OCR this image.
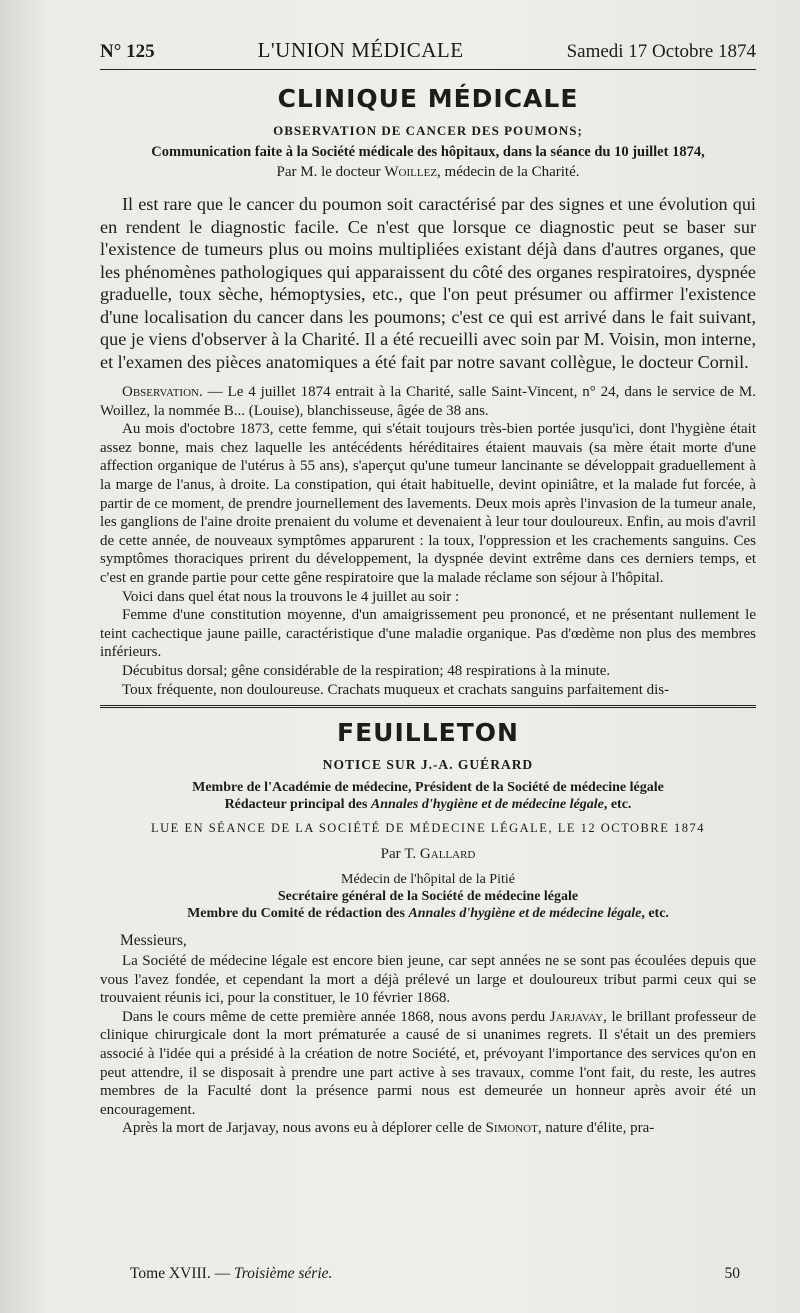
N° 125	L'UNION MÉDICALE	Samedi 17 Octobre 1874
CLINIQUE MÉDICALE
OBSERVATION DE CANCER DES POUMONS;
Communication faite à la Société médicale des hôpitaux, dans la séance du 10 juillet 1874,
Par M. le docteur Woillez, médecin de la Charité.

Il est rare que le cancer du poumon soit caractérisé par des signes et une évolution qui en rendent le diagnostic facile. Ce n'est que lorsque ce diagnostic peut se baser sur l'existence de tumeurs plus ou moins multipliées existant déjà dans d'autres organes, que les phénomènes pathologiques qui apparaissent du côté des organes respiratoires, dyspnée graduelle, toux sèche, hémoptysies, etc., que l'on peut présumer ou affirmer l'existence d'une localisation du cancer dans les poumons; c'est ce qui est arrivé dans le fait suivant, que je viens d'observer à la Charité. Il a été recueilli avec soin par M. Voisin, mon interne, et l'examen des pièces anatomiques a été fait par notre savant collègue, le docteur Cornil.

Observation. — Le 4 juillet 1874 entrait à la Charité, salle Saint-Vincent, n° 24, dans le service de M. Woillez, la nommée B... (Louise), blanchisseuse, âgée de 38 ans.

Au mois d'octobre 1873, cette femme, qui s'était toujours très-bien portée jusqu'ici, dont l'hygiène était assez bonne, mais chez laquelle les antécédents héréditaires étaient mauvais (sa mère était morte d'une affection organique de l'utérus à 55 ans), s'aperçut qu'une tumeur lancinante se développait graduellement à la marge de l'anus, à droite. La constipation, qui était habituelle, devint opiniâtre, et la malade fut forcée, à partir de ce moment, de prendre journellement des lavements. Deux mois après l'invasion de la tumeur anale, les ganglions de l'aine droite prenaient du volume et devenaient à leur tour douloureux. Enfin, au mois d'avril de cette année, de nouveaux symptômes apparurent : la toux, l'oppression et les crachements sanguins. Ces symptômes thoraciques prirent du développement, la dyspnée devint extrême dans ces derniers temps, et c'est en grande partie pour cette gêne respiratoire que la malade réclame son séjour à l'hôpital.

Voici dans quel état nous la trouvons le 4 juillet au soir :

Femme d'une constitution moyenne, d'un amaigrissement peu prononcé, et ne présentant nullement le teint cachectique jaune paille, caractéristique d'une maladie organique. Pas d'œdème non plus des membres inférieurs.

Décubitus dorsal; gêne considérable de la respiration; 48 respirations à la minute.

Toux fréquente, non douloureuse. Crachats muqueux et crachats sanguins parfaitement dis-

FEUILLETON
NOTICE SUR J.-A. GUÉRARD
Membre de l'Académie de médecine, Président de la Société de médecine légale
Rédacteur principal des Annales d'hygiène et de médecine légale, etc.
LUE EN SÉANCE DE LA SOCIÉTÉ DE MÉDECINE LÉGALE, LE 12 OCTOBRE 1874
Par T. Gallard
Médecin de l'hôpital de la Pitié
Secrétaire général de la Société de médecine légale
Membre du Comité de rédaction des Annales d'hygiène et de médecine légale, etc.
Messieurs,

La Société de médecine légale est encore bien jeune, car sept années ne se sont pas écoulées depuis que vous l'avez fondée, et cependant la mort a déjà prélevé un large et douloureux tribut parmi ceux qui se trouvaient réunis ici, pour la constituer, le 10 février 1868.

Dans le cours même de cette première année 1868, nous avons perdu Jarjavay, le brillant professeur de clinique chirurgicale dont la mort prématurée a causé de si unanimes regrets. Il s'était un des premiers associé à l'idée qui a présidé à la création de notre Société, et, prévoyant l'importance des services qu'on en peut attendre, il se disposait à prendre une part active à ses travaux, comme l'ont fait, du reste, les autres membres de la Faculté dont la présence parmi nous est demeurée un honneur après avoir été un encouragement.

Après la mort de Jarjavay, nous avons eu à déplorer celle de Simonot, nature d'élite, pra-

Tome XVIII. — Troisième série.	50
